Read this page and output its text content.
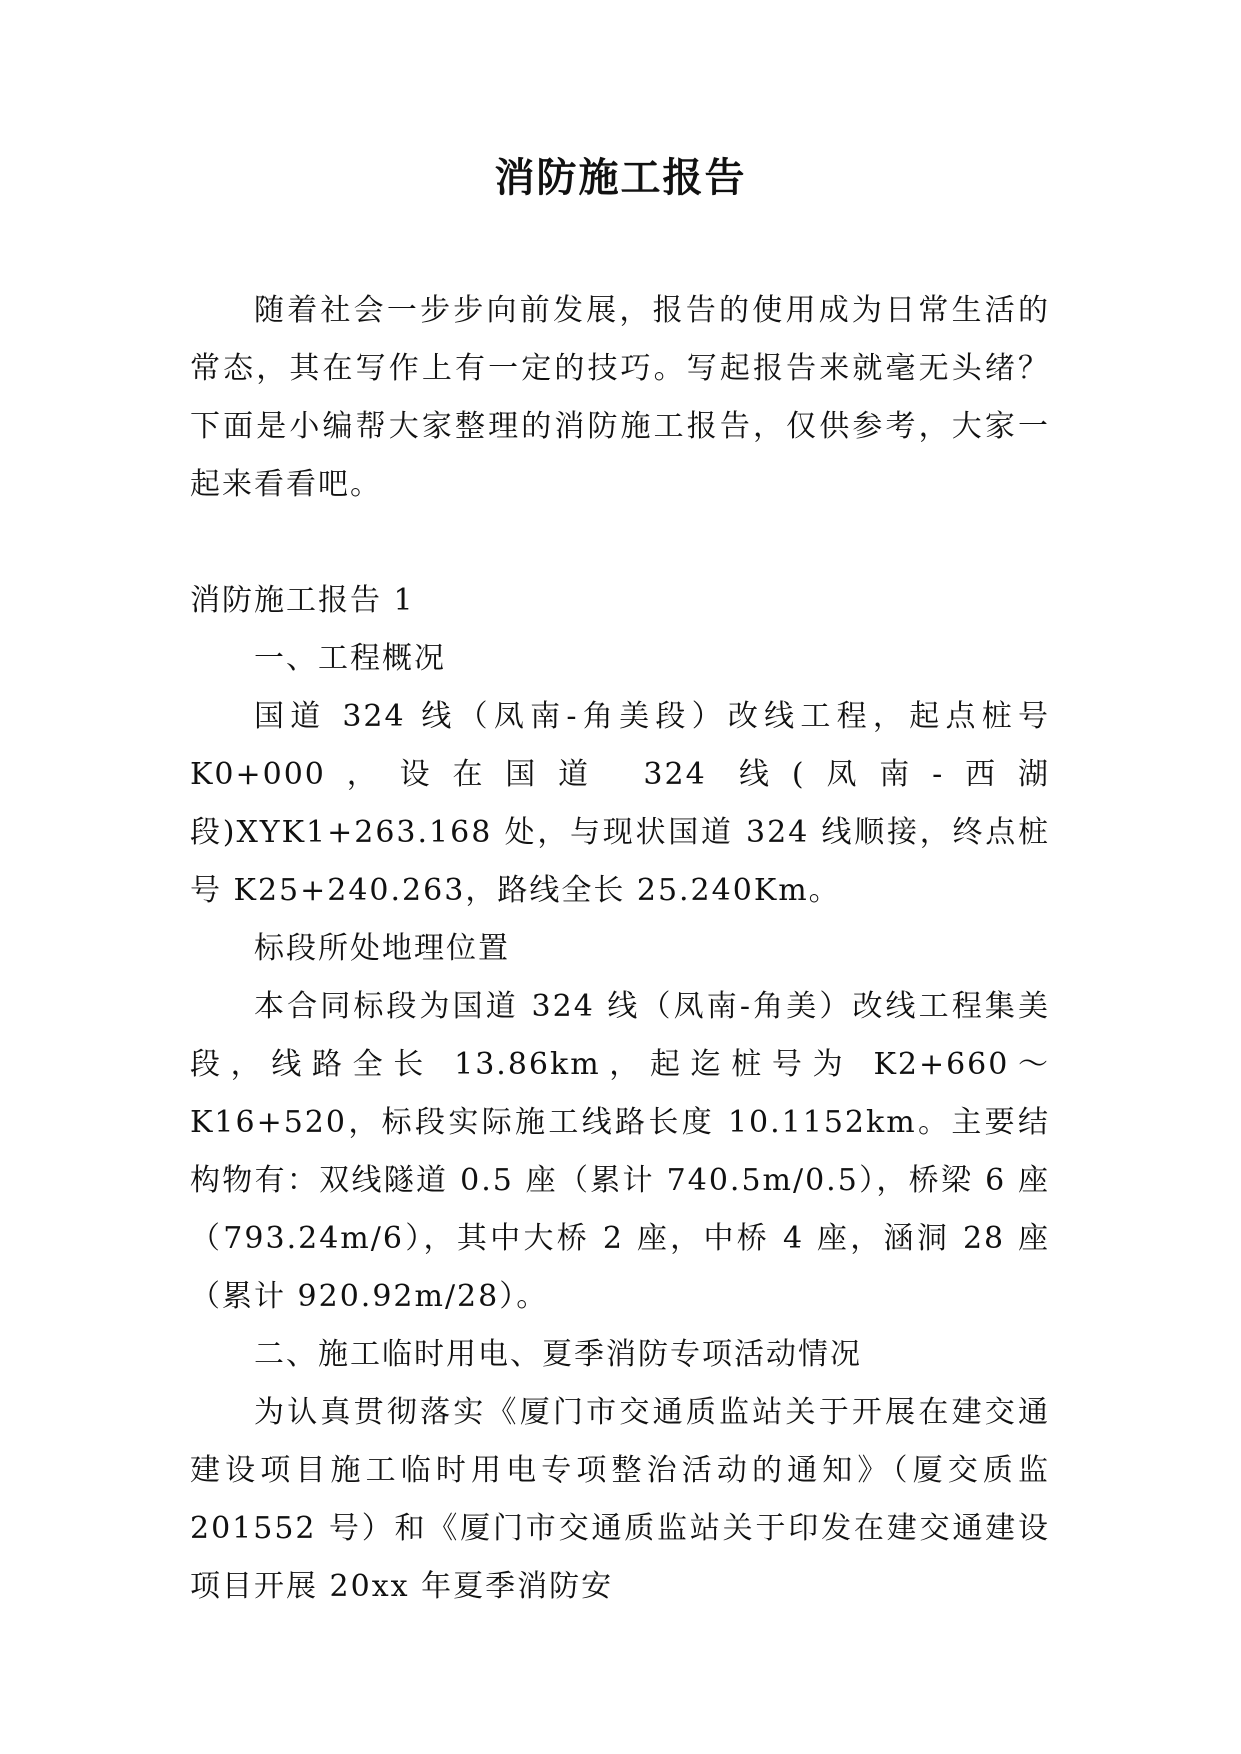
消防施工报告

随着社会一步步向前发展，报告的使用成为日常生活的常态，其在写作上有一定的技巧。写起报告来就毫无头绪？下面是小编帮大家整理的消防施工报告，仅供参考，大家一起来看看吧。

消防施工报告 1

一、工程概况

国道 324 线（凤南-角美段）改线工程，起点桩号 K0+000，设在国道 324 线(凤南-西湖段)XYK1+263.168 处，与现状国道 324 线顺接，终点桩号 K25+240.263，路线全长 25.240Km。

标段所处地理位置

本合同标段为国道 324 线（凤南-角美）改线工程集美段，线路全长 13.86km，起迄桩号为 K2+660～K16+520，标段实际施工线路长度 10.1152km。主要结构物有：双线隧道 0.5 座（累计 740.5m/0.5），桥梁 6 座（793.24m/6），其中大桥 2 座，中桥 4 座，涵洞 28 座（累计 920.92m/28）。

二、施工临时用电、夏季消防专项活动情况

为认真贯彻落实《厦门市交通质监站关于开展在建交通建设项目施工临时用电专项整治活动的通知》（厦交质监 201552 号）和《厦门市交通质监站关于印发在建交通建设项目开展 20xx 年夏季消防安
